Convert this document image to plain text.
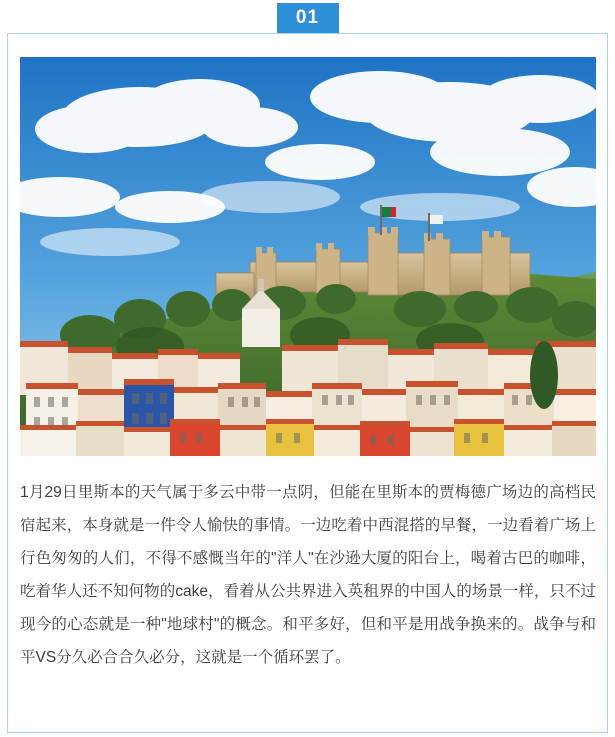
01
1月29日里斯本的天气属于多云中带一点阴，但能在里斯本的贾梅德广场边的高档民宿起来，本身就是一件令人愉快的事情。一边吃着中西混搭的早餐，一边看着广场上行色匆匆的人们，不得不感慨当年的"洋人"在沙逊大厦的阳台上，喝着古巴的咖啡，吃着华人还不知何物的cake，看着从公共界进入英租界的中国人的场景一样，只不过现今的心态就是一种"地球村"的概念。和平多好，但和平是用战争换来的。战争与和平VS分久必合合久必分，这就是一个循环罢了。
